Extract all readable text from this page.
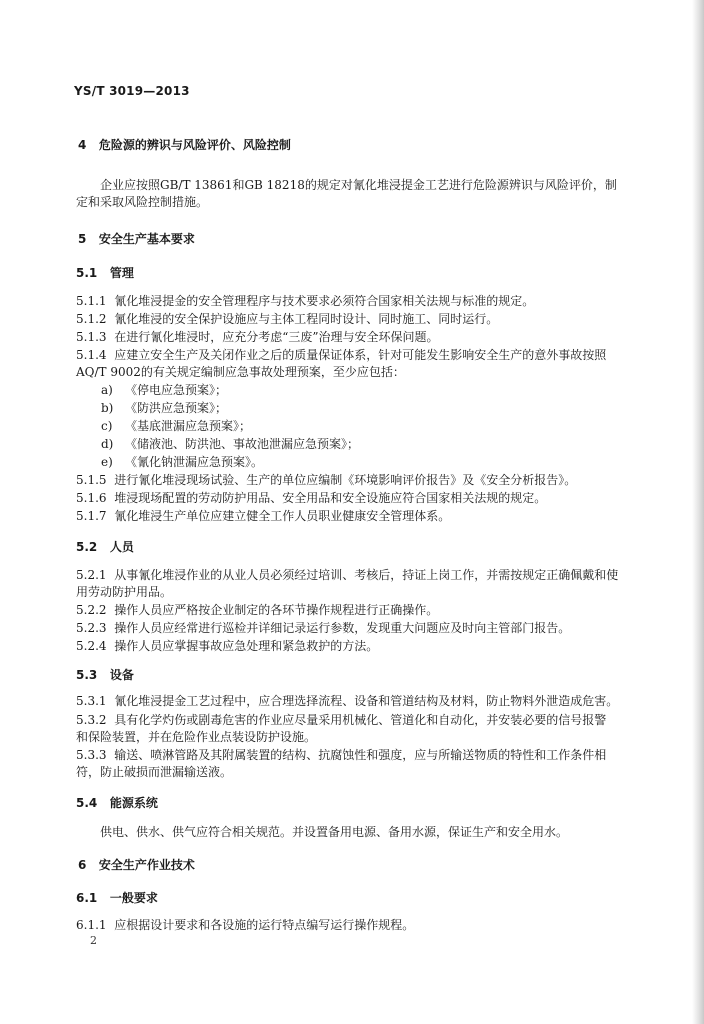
YS/T 3019—2013
4 危险源的辨识与风险评价、风险控制
企业应按照GB/T 13861和GB 18218的规定对氰化堆浸提金工艺进行危险源辨识与风险评价，制
定和采取风险控制措施。
5 安全生产基本要求
5.1 管理
5.1.1 氰化堆浸提金的安全管理程序与技术要求必须符合国家相关法规与标准的规定。
5.1.2 氰化堆浸的安全保护设施应与主体工程同时设计、同时施工、同时运行。
5.1.3 在进行氰化堆浸时，应充分考虑“三废”治理与安全环保问题。
5.1.4 应建立安全生产及关闭作业之后的质量保证体系，针对可能发生影响安全生产的意外事故按照
AQ/T 9002的有关规定编制应急事故处理预案，至少应包括：
a) 《停电应急预案》；
b) 《防洪应急预案》；
c) 《基底泄漏应急预案》；
d) 《储液池、防洪池、事故池泄漏应急预案》；
e) 《氰化钠泄漏应急预案》。
5.1.5 进行氰化堆浸现场试验、生产的单位应编制《环境影响评价报告》及《安全分析报告》。
5.1.6 堆浸现场配置的劳动防护用品、安全用品和安全设施应符合国家相关法规的规定。
5.1.7 氰化堆浸生产单位应建立健全工作人员职业健康安全管理体系。
5.2 人员
5.2.1 从事氰化堆浸作业的从业人员必须经过培训、考核后，持证上岗工作，并需按规定正确佩戴和使
用劳动防护用品。
5.2.2 操作人员应严格按企业制定的各环节操作规程进行正确操作。
5.2.3 操作人员应经常进行巡检并详细记录运行参数，发现重大问题应及时向主管部门报告。
5.2.4 操作人员应掌握事故应急处理和紧急救护的方法。
5.3 设备
5.3.1 氰化堆浸提金工艺过程中，应合理选择流程、设备和管道结构及材料，防止物料外泄造成危害。
5.3.2 具有化学灼伤或剧毒危害的作业应尽量采用机械化、管道化和自动化，并安装必要的信号报警
和保险装置，并在危险作业点装设防护设施。
5.3.3 输送、喷淋管路及其附属装置的结构、抗腐蚀性和强度，应与所输送物质的特性和工作条件相
符，防止破损而泄漏输送液。
5.4 能源系统
供电、供水、供气应符合相关规范。并设置备用电源、备用水源，保证生产和安全用水。
6 安全生产作业技术
6.1 一般要求
6.1.1 应根据设计要求和各设施的运行特点编写运行操作规程。
2
